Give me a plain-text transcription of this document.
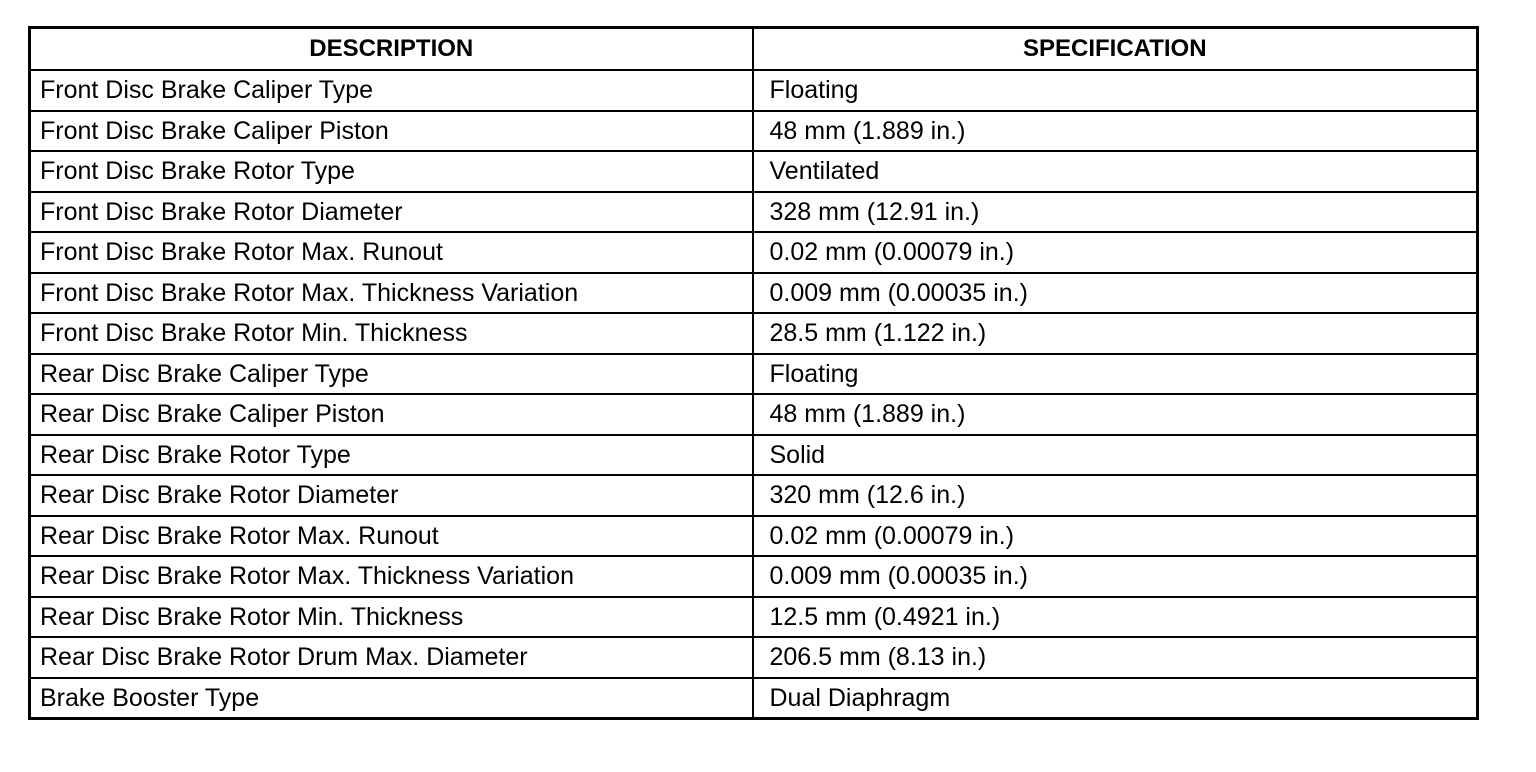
DESCRIPTION	SPECIFICATION
Front Disc Brake Caliper Type	Floating
Front Disc Brake Caliper Piston	48 mm (1.889 in.)
Front Disc Brake Rotor Type	Ventilated
Front Disc Brake Rotor Diameter	328 mm (12.91 in.)
Front Disc Brake Rotor Max. Runout	0.02 mm (0.00079 in.)
Front Disc Brake Rotor Max. Thickness Variation	0.009 mm (0.00035 in.)
Front Disc Brake Rotor Min. Thickness	28.5 mm (1.122 in.)
Rear Disc Brake Caliper Type	Floating
Rear Disc Brake Caliper Piston	48 mm (1.889 in.)
Rear Disc Brake Rotor Type	Solid
Rear Disc Brake Rotor Diameter	320 mm (12.6 in.)
Rear Disc Brake Rotor Max. Runout	0.02 mm (0.00079 in.)
Rear Disc Brake Rotor Max. Thickness Variation	0.009 mm (0.00035 in.)
Rear Disc Brake Rotor Min. Thickness	12.5 mm (0.4921 in.)
Rear Disc Brake Rotor Drum Max. Diameter	206.5 mm (8.13 in.)
Brake Booster Type	Dual Diaphragm
